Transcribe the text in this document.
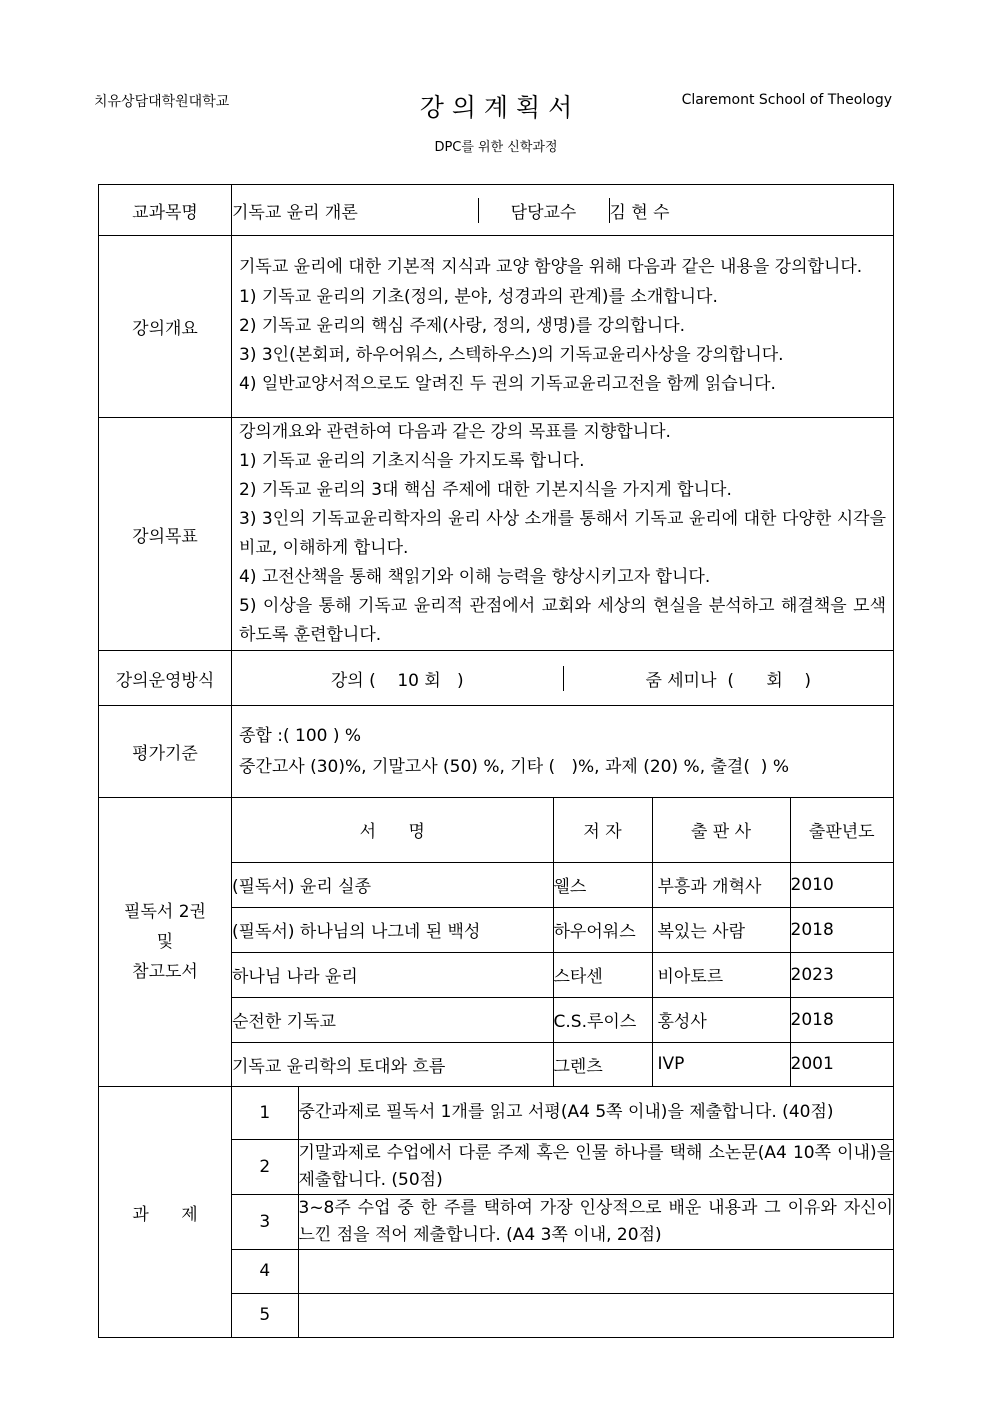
치유상담대학원대학교	강 의 계 획 서	Claremont School of Theology
DPC를 위한 신학과정
교과목명	기독교 윤리 개론	담당교수	김 현 수

강의개요	
기독교 윤리에 대한 기본적 지식과 교양 함양을 위해 다음과 같은 내용을 강의합니다.
1) 기독교 윤리의 기초(정의, 분야, 성경과의 관계)를 소개합니다.
2) 기독교 윤리의 핵심 주제(사랑, 정의, 생명)를 강의합니다.
3) 3인(본회퍼, 하우어워스, 스텍하우스)의 기독교윤리사상을 강의합니다.
4) 일반교양서적으로도 알려진 두 권의 기독교윤리고전을 함께 읽습니다.

강의목표	
강의개요와 관련하여 다음과 같은 강의 목표를 지향합니다.
1) 기독교 윤리의 기초지식을 가지도록 합니다.
2) 기독교 윤리의 3대 핵심 주제에 대한 기본지식을 가지게 합니다.
3) 3인의 기독교윤리학자의 윤리 사상 소개를 통해서 기독교 윤리에 대한 다양한 시각을 비교, 이해하게 합니다.
4) 고전산책을 통해 책읽기와 이해 능력을 향상시키고자 합니다.
5) 이상을 통해 기독교 윤리적 관점에서 교회와 세상의 현실을 분석하고 해결책을 모색하도록 훈련합니다.

강의운영방식		강의 (    10 회   )	줌 세미나  (      회    )

평가기준	
종합 :( 100 ) %
중간고사 (30)%, 기말고사 (50) %, 기타 (   )%, 과제 (20) %, 출결(  ) %

필독서 2권
및
참고도서

서      명	저 자	출 판 사	출판년도
(필독서) 윤리 실종	웰스	부흥과 개혁사	2010
(필독서) 하나님의 나그네 된 백성	하우어워스	복있는 사람	2018
하나님 나라 윤리	스타센	비아토르	2023
순전한 기독교	C.S.루이스	홍성사	2018
기독교 윤리학의 토대와 흐름	그렌츠	IVP	2001

과      제	
1	중간과제로 필독서 1개를 읽고 서평(A4 5쪽 이내)을 제출합니다. (40점)
2	기말과제로 수업에서 다룬 주제 혹은 인물 하나를 택해 소논문(A4 10쪽 이내)을 제출합니다. (50점)
3	3~8주 수업 중 한 주를 택하여 가장 인상적으로 배운 내용과 그 이유와 자신이 느낀 점을 적어 제출합니다. (A4 3쪽 이내, 20점)
4	
5	
